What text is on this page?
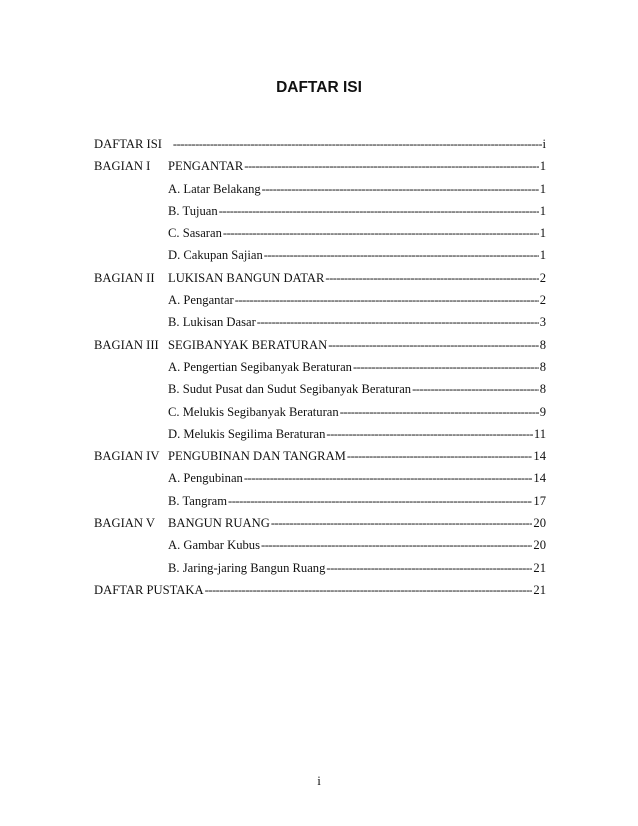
DAFTAR ISI
DAFTAR ISI -----	i
BAGIAN I	PENGANTAR -----	1
A. Latar Belakang -----	1
B. Tujuan -----	1
C. Sasaran -----	1
D. Cakupan Sajian -----	1
BAGIAN II	LUKISAN BANGUN DATAR -----	2
A. Pengantar -----	2
B. Lukisan Dasar -----	3
BAGIAN III SEGIBANYAK BERATURAN -----	8
A. Pengertian Segibanyak Beraturan -----	8
B. Sudut Pusat dan Sudut Segibanyak Beraturan -----	8
C. Melukis Segibanyak Beraturan -----	9
D. Melukis Segilima Beraturan -----	11
BAGIAN IV PENGUBINAN DAN TANGRAM -----	14
A. Pengubinan -----	14
B. Tangram -----	17
BAGIAN V	BANGUN RUANG -----	20
A. Gambar Kubus -----	20
B. Jaring-jaring Bangun Ruang -----	21
DAFTAR PUSTAKA -----	21
i
